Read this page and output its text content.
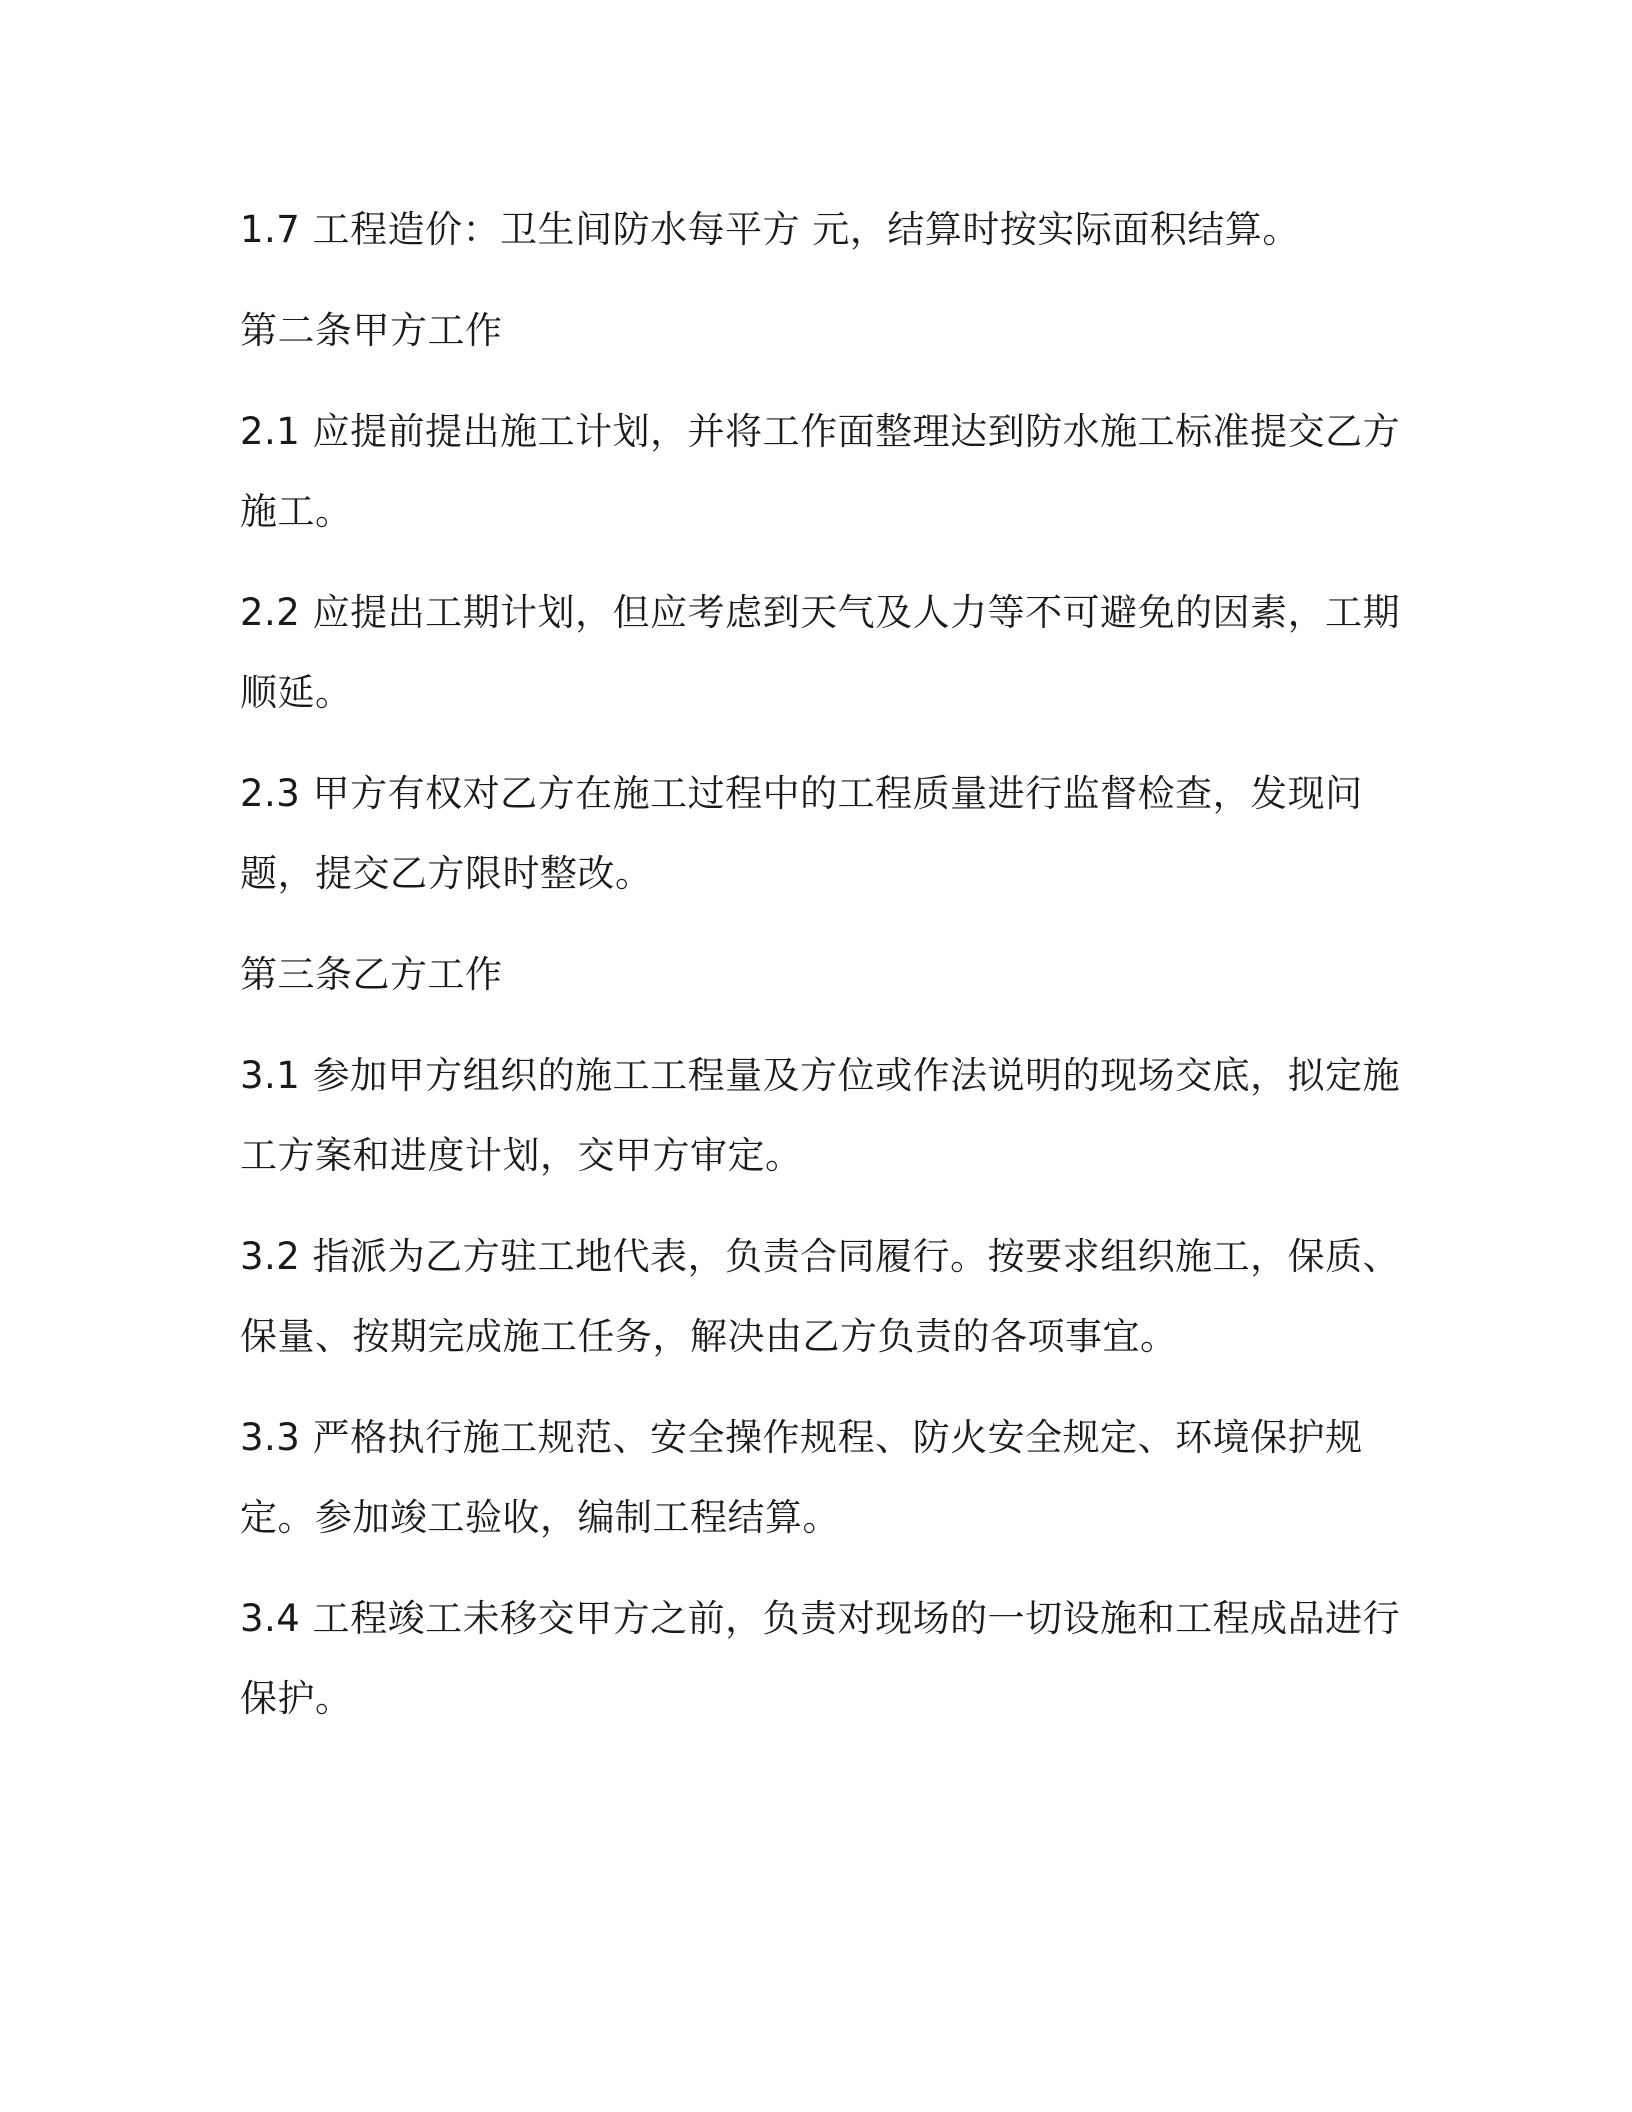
1.7 工程造价：卫生间防水每平方 元，结算时按实际面积结算。

第二条甲方工作

2.1 应提前提出施工计划，并将工作面整理达到防水施工标准提交乙方施工。

2.2 应提出工期计划，但应考虑到天气及人力等不可避免的因素，工期顺延。

2.3 甲方有权对乙方在施工过程中的工程质量进行监督检查，发现问题，提交乙方限时整改。

第三条乙方工作

3.1 参加甲方组织的施工工程量及方位或作法说明的现场交底，拟定施工方案和进度计划，交甲方审定。

3.2 指派为乙方驻工地代表，负责合同履行。按要求组织施工，保质、保量、按期完成施工任务，解决由乙方负责的各项事宜。

3.3 严格执行施工规范、安全操作规程、防火安全规定、环境保护规定。参加竣工验收，编制工程结算。

3.4 工程竣工未移交甲方之前，负责对现场的一切设施和工程成品进行保护。
